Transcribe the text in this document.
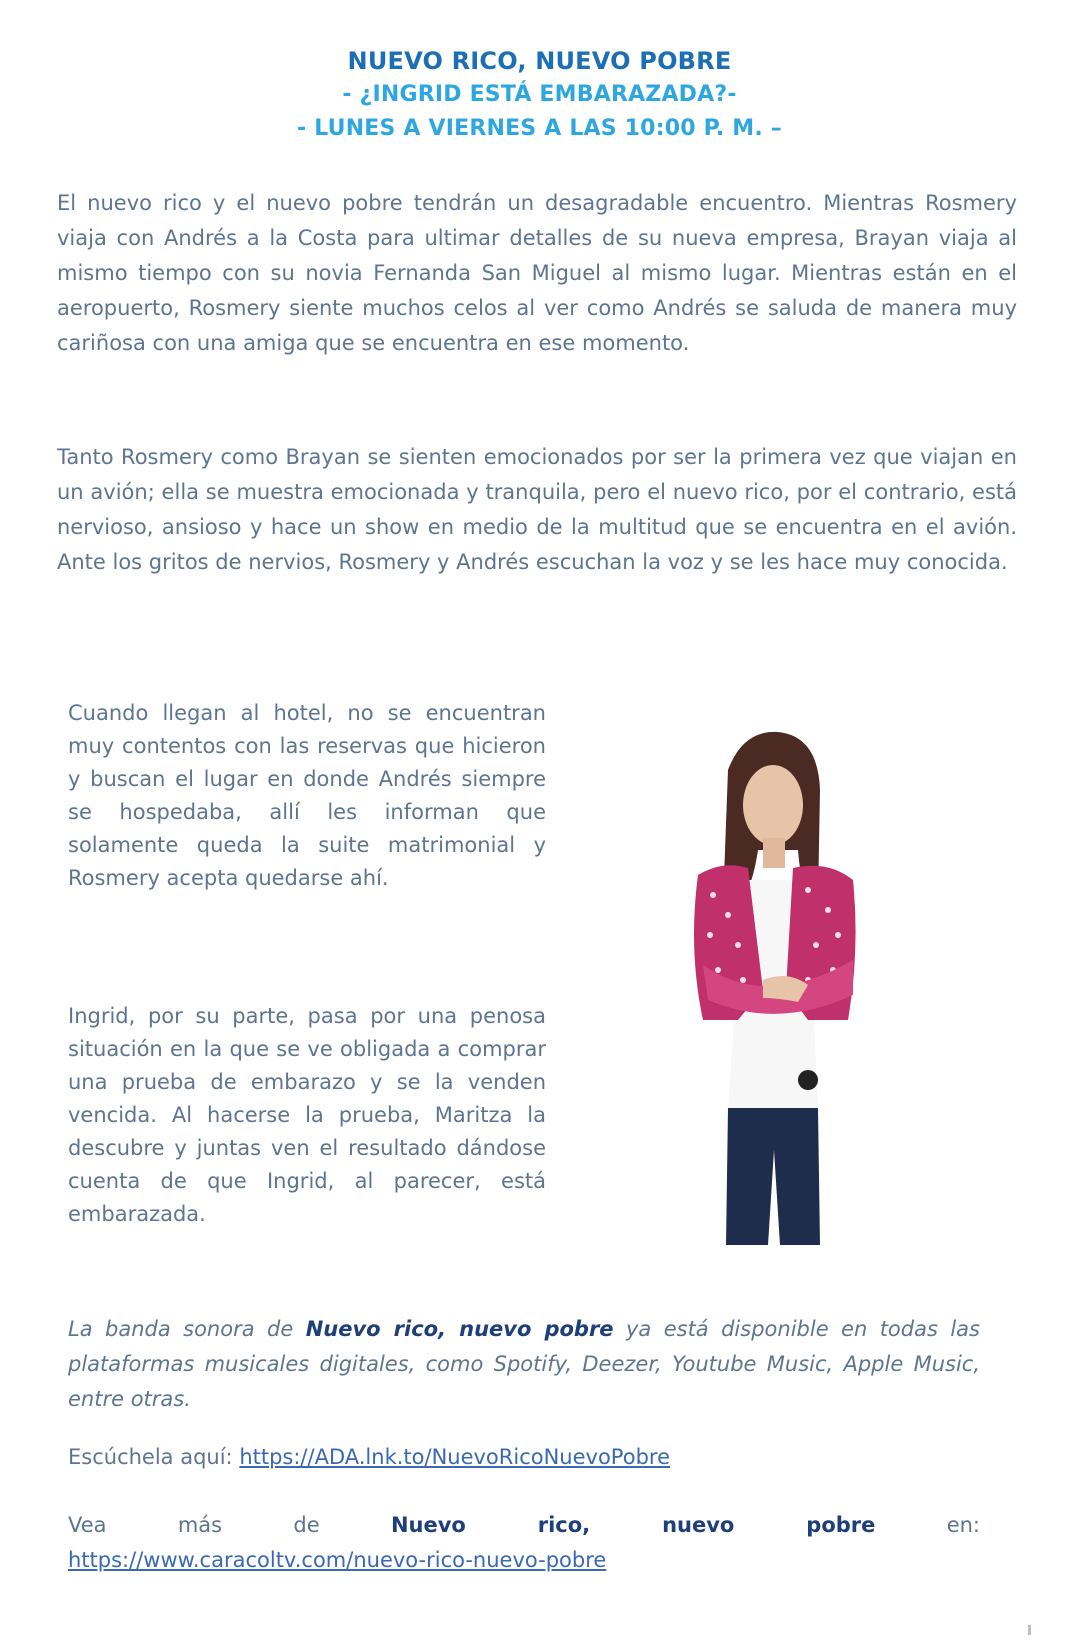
NUEVO RICO, NUEVO POBRE
- ¿INGRID ESTÁ EMBARAZADA?-
- LUNES A VIERNES A LAS 10:00 P. M. –

El nuevo rico y el nuevo pobre tendrán un desagradable encuentro. Mientras Rosmery viaja con Andrés a la Costa para ultimar detalles de su nueva empresa, Brayan viaja al mismo tiempo con su novia Fernanda San Miguel al mismo lugar. Mientras están en el aeropuerto, Rosmery siente muchos celos al ver como Andrés se saluda de manera muy cariñosa con una amiga que se encuentra en ese momento.

Tanto Rosmery como Brayan se sienten emocionados por ser la primera vez que viajan en un avión; ella se muestra emocionada y tranquila, pero el nuevo rico, por el contrario, está nervioso, ansioso y hace un show en medio de la multitud que se encuentra en el avión. Ante los gritos de nervios, Rosmery y Andrés escuchan la voz y se les hace muy conocida.

Cuando llegan al hotel, no se encuentran muy contentos con las reservas que hicieron y buscan el lugar en donde Andrés siempre se hospedaba, allí les informan que solamente queda la suite matrimonial y Rosmery acepta quedarse ahí.

Ingrid, por su parte, pasa por una penosa situación en la que se ve obligada a comprar una prueba de embarazo y se la venden vencida. Al hacerse la prueba, Maritza la descubre y juntas ven el resultado dándose cuenta de que Ingrid, al parecer, está embarazada.

La banda sonora de Nuevo rico, nuevo pobre ya está disponible en todas las plataformas musicales digitales, como Spotify, Deezer, Youtube Music, Apple Music, entre otras.

Escúchela aquí: https://ADA.lnk.to/NuevoRicoNuevoPobre

Vea más de Nuevo rico, nuevo pobre en:
https://www.caracoltv.com/nuevo-rico-nuevo-pobre
